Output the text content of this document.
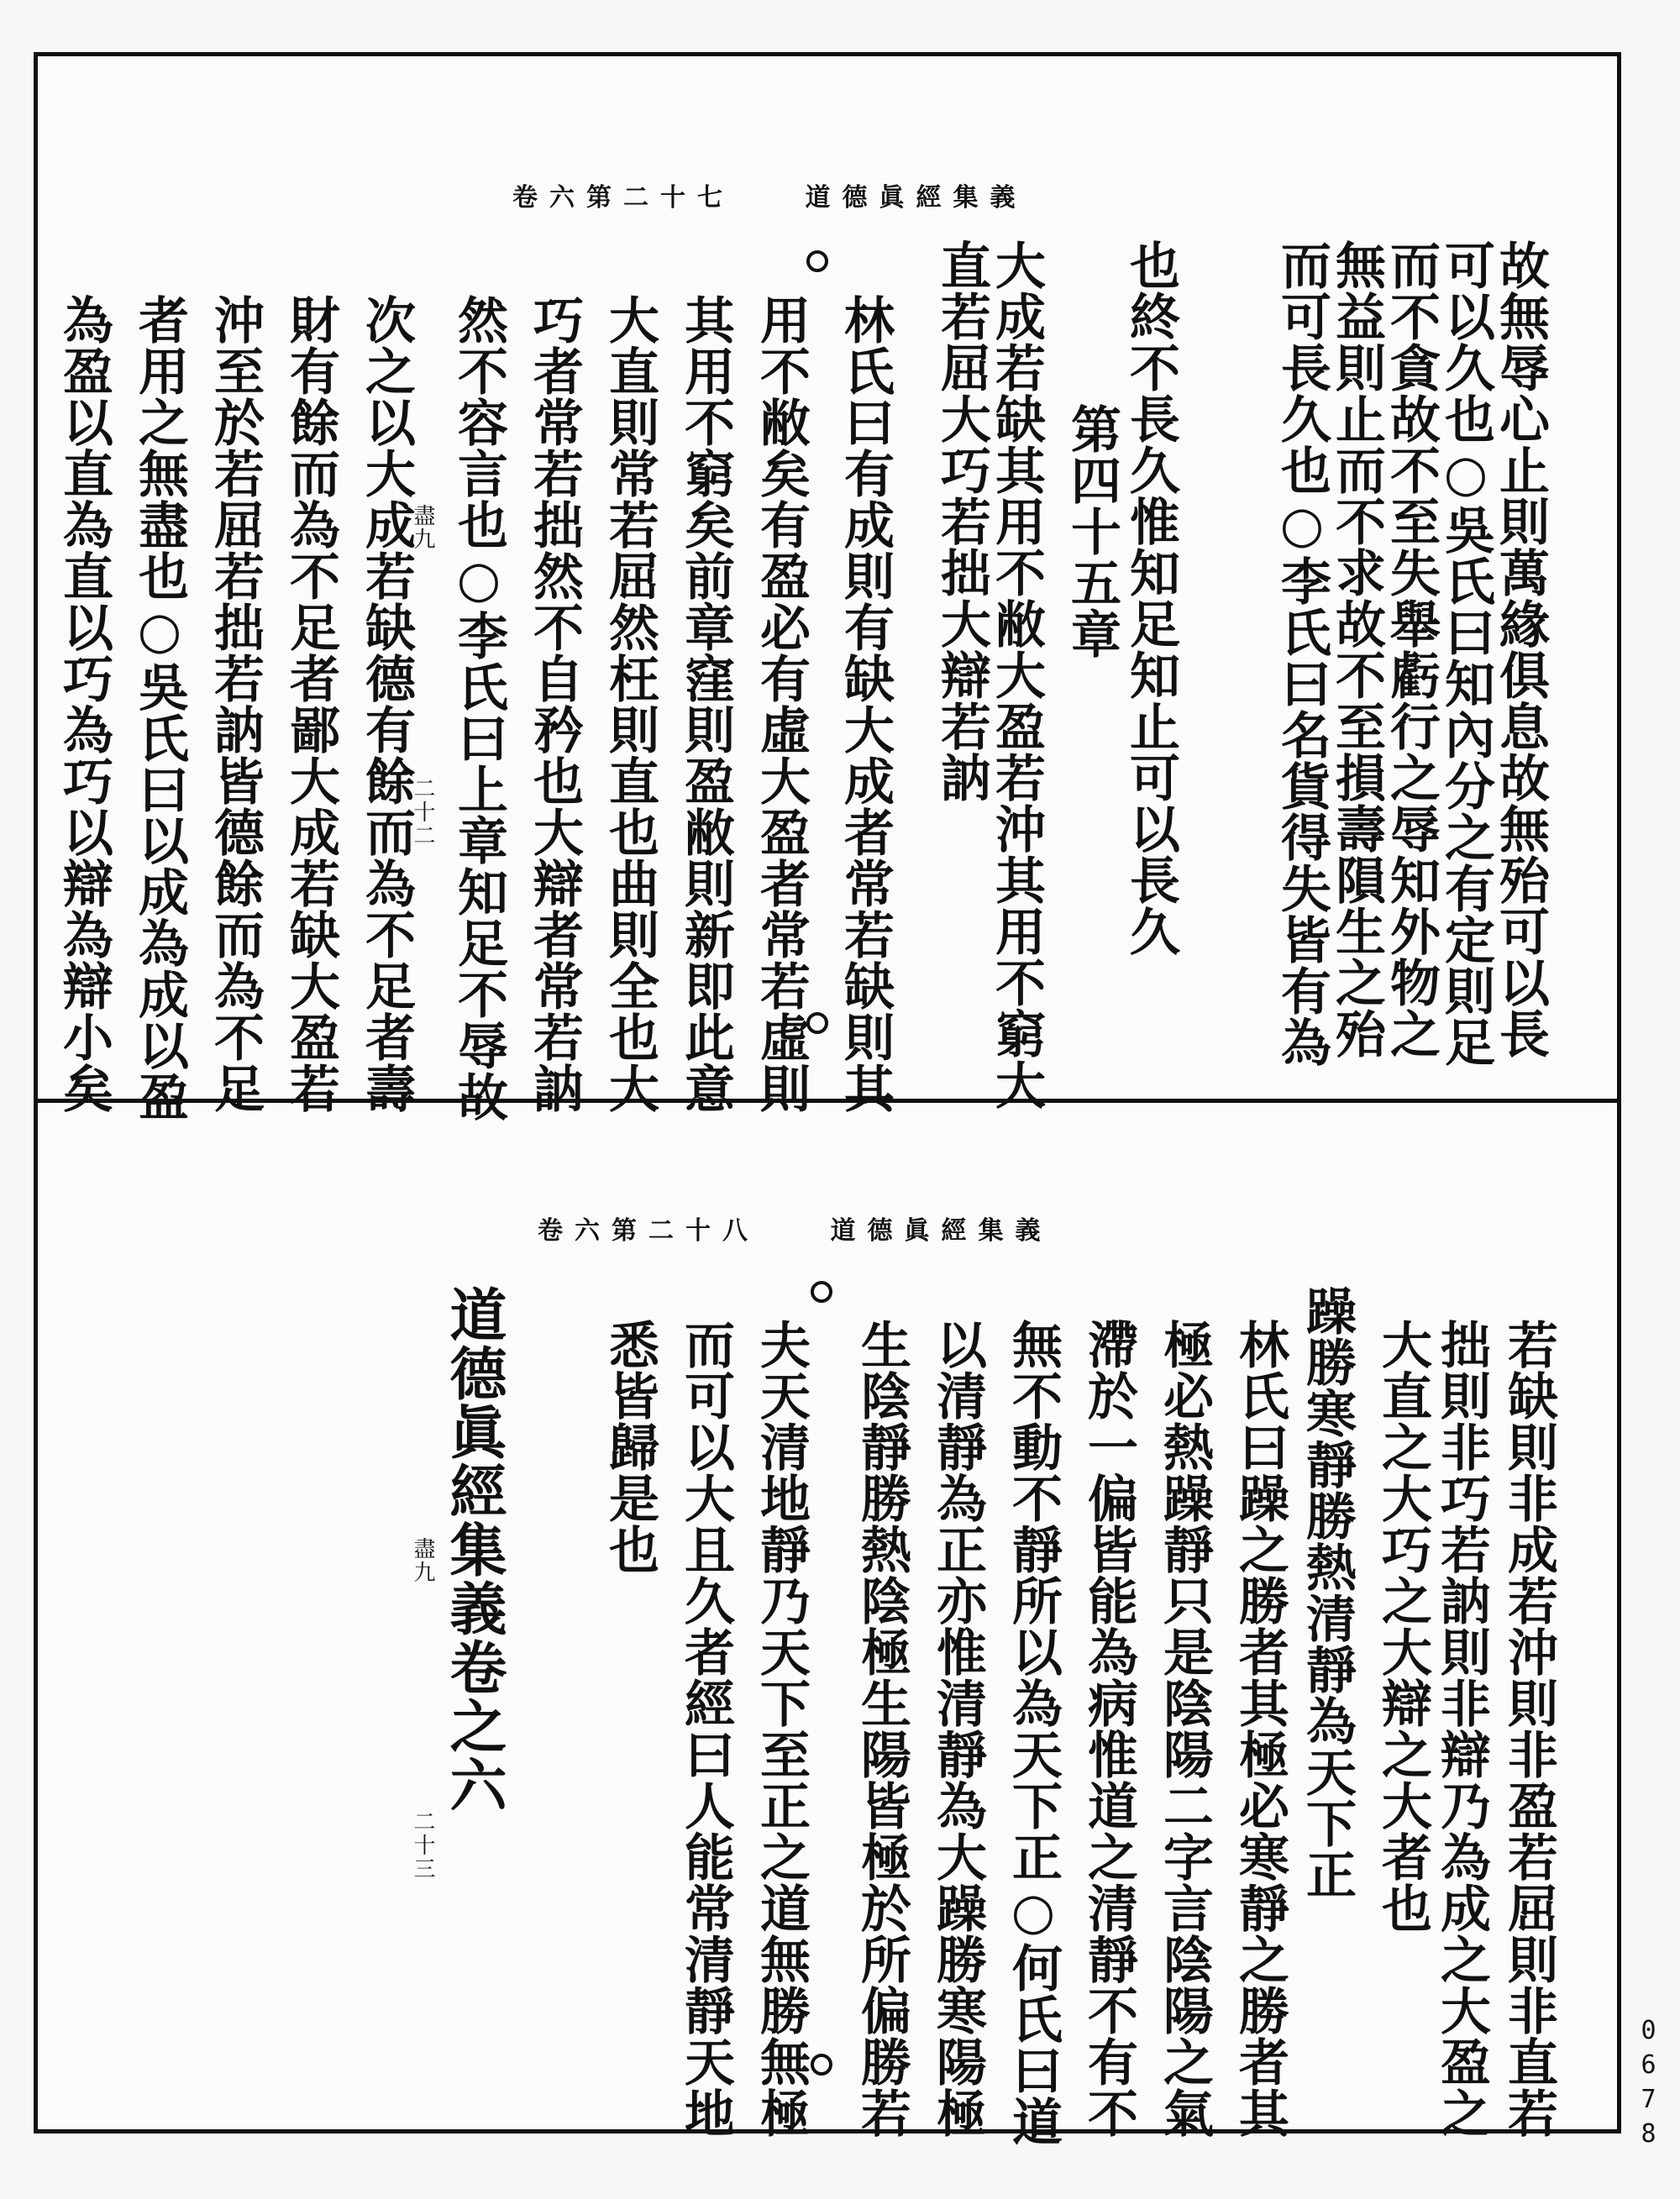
卷六第二十七	道德眞經集義
故無辱心止則萬緣俱息故無殆可以長
可以久也○吳氏曰知內分之有定則足
而不貪故不至失舉虧行之辱知外物之
無益則止而不求故不至損壽隕生之殆
而可長久也○李氏曰名貨得失皆有為
也終不長久惟知足知止可以長久
第四十五章
大成若缺其用不敝大盈若沖其用不窮大
直若屈大巧若拙大辯若訥
林氏曰有成則有缺大成者常若缺則其
用不敝矣有盈必有虛大盈者常若虛則
其用不窮矣前章窪則盈敝則新即此意
大直則常若屈然枉則直也曲則全也大
巧者常若拙然不自矜也大辯者常若訥
然不容言也○李氏曰上章知足不辱故
次之以大成若缺德有餘而為不足者壽
財有餘而為不足者鄙大成若缺大盈若
沖至於若屈若拙若訥皆德餘而為不足
者用之無盡也○吳氏曰以成為成以盈
為盈以直為直以巧為巧以辯為辯小矣	盡九
二十二
卷六第二十八	道德眞經集義
若缺則非成若沖則非盈若屈則非直若
拙則非巧若訥則非辯乃為成之大盈之
大直之大巧之大辯之大者也
躁勝寒靜勝熱清靜為天下正
林氏曰躁之勝者其極必寒靜之勝者其
極必熱躁靜只是陰陽二字言陰陽之氣
滯於一偏皆能為病惟道之清靜不有不
無不動不靜所以為天下正○何氏曰道
以清靜為正亦惟清靜為大躁勝寒陽極
生陰靜勝熱陰極生陽皆極於所偏勝若
夫天清地靜乃天下至正之道無勝無極
而可以大且久者經曰人能常清靜天地
悉皆歸是也
道德眞經集義卷之六
盡九
二十三
0678
